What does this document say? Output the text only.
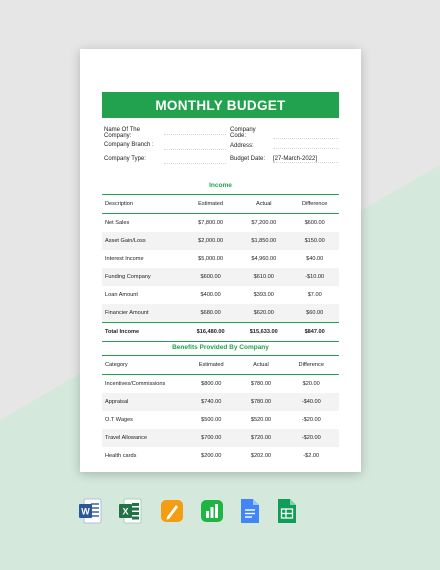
MONTHLY BUDGET
Name Of The Company:
Company Code:
Company Branch :	Address:
Company Type:	Budget Date:	[27-March-2022]
Income
Description	Estimated	Actual	Difference
Net Sales	$7,800.00	$7,200.00	$600.00
Asset Gain/Loss	$2,000.00	$1,850.00	$150.00
Interest Income	$5,000.00	$4,960.00	$40.00
Funding Company	$600.00	$610.00	-$10.00
Loan Amount	$400.00	$393.00	$7.00
Financier Amount	$680.00	$620.00	$60.00
Total Income	$16,480.00	$15,633.00	$847.00
Benefits Provided By Company
Category	Estimated	Actual	Difference
Incentives/Commissions	$800.00	$780.00	$20.00
Appraisal	$740.00	$780.00	-$40.00
O.T Wages	$500.00	$520.00	-$20.00
Travel Allowance	$700.00	$720.00	-$20.00
Health cards	$200.00	$202.00	-$2.00
W	X
